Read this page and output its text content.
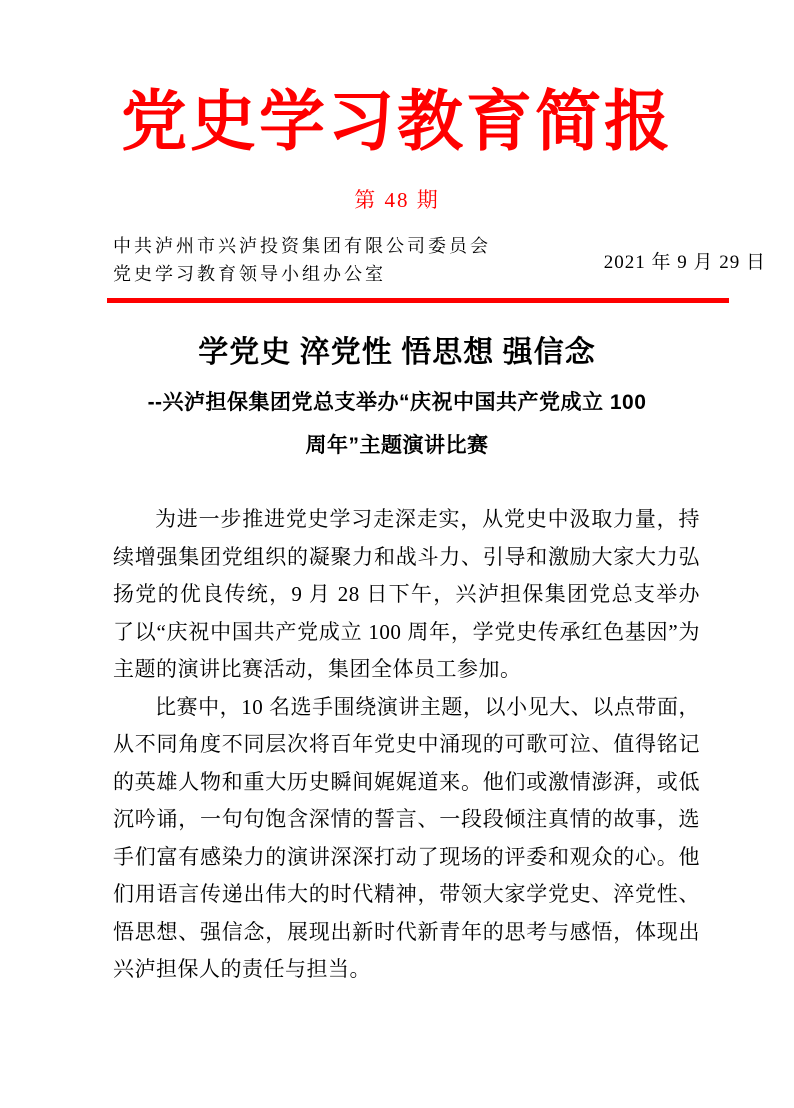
党史学习教育简报
第 48 期
中共泸州市兴泸投资集团有限公司委员会
党史学习教育领导小组办公室
2021 年 9 月 29 日
学党史 淬党性 悟思想 强信念
--兴泸担保集团党总支举办“庆祝中国共产党成立 100
周年”主题演讲比赛

为进一步推进党史学习走深走实，从党史中汲取力量，持续增强集团党组织的凝聚力和战斗力、引导和激励大家大力弘扬党的优良传统，9 月 28 日下午，兴泸担保集团党总支举办了以“庆祝中国共产党成立 100 周年，学党史传承红色基因”为主题的演讲比赛活动，集团全体员工参加。

比赛中，10 名选手围绕演讲主题，以小见大、以点带面，从不同角度不同层次将百年党史中涌现的可歌可泣、值得铭记的英雄人物和重大历史瞬间娓娓道来。他们或激情澎湃，或低沉吟诵，一句句饱含深情的誓言、一段段倾注真情的故事，选手们富有感染力的演讲深深打动了现场的评委和观众的心。他们用语言传递出伟大的时代精神，带领大家学党史、淬党性、悟思想、强信念，展现出新时代新青年的思考与感悟，体现出兴泸担保人的责任与担当。
